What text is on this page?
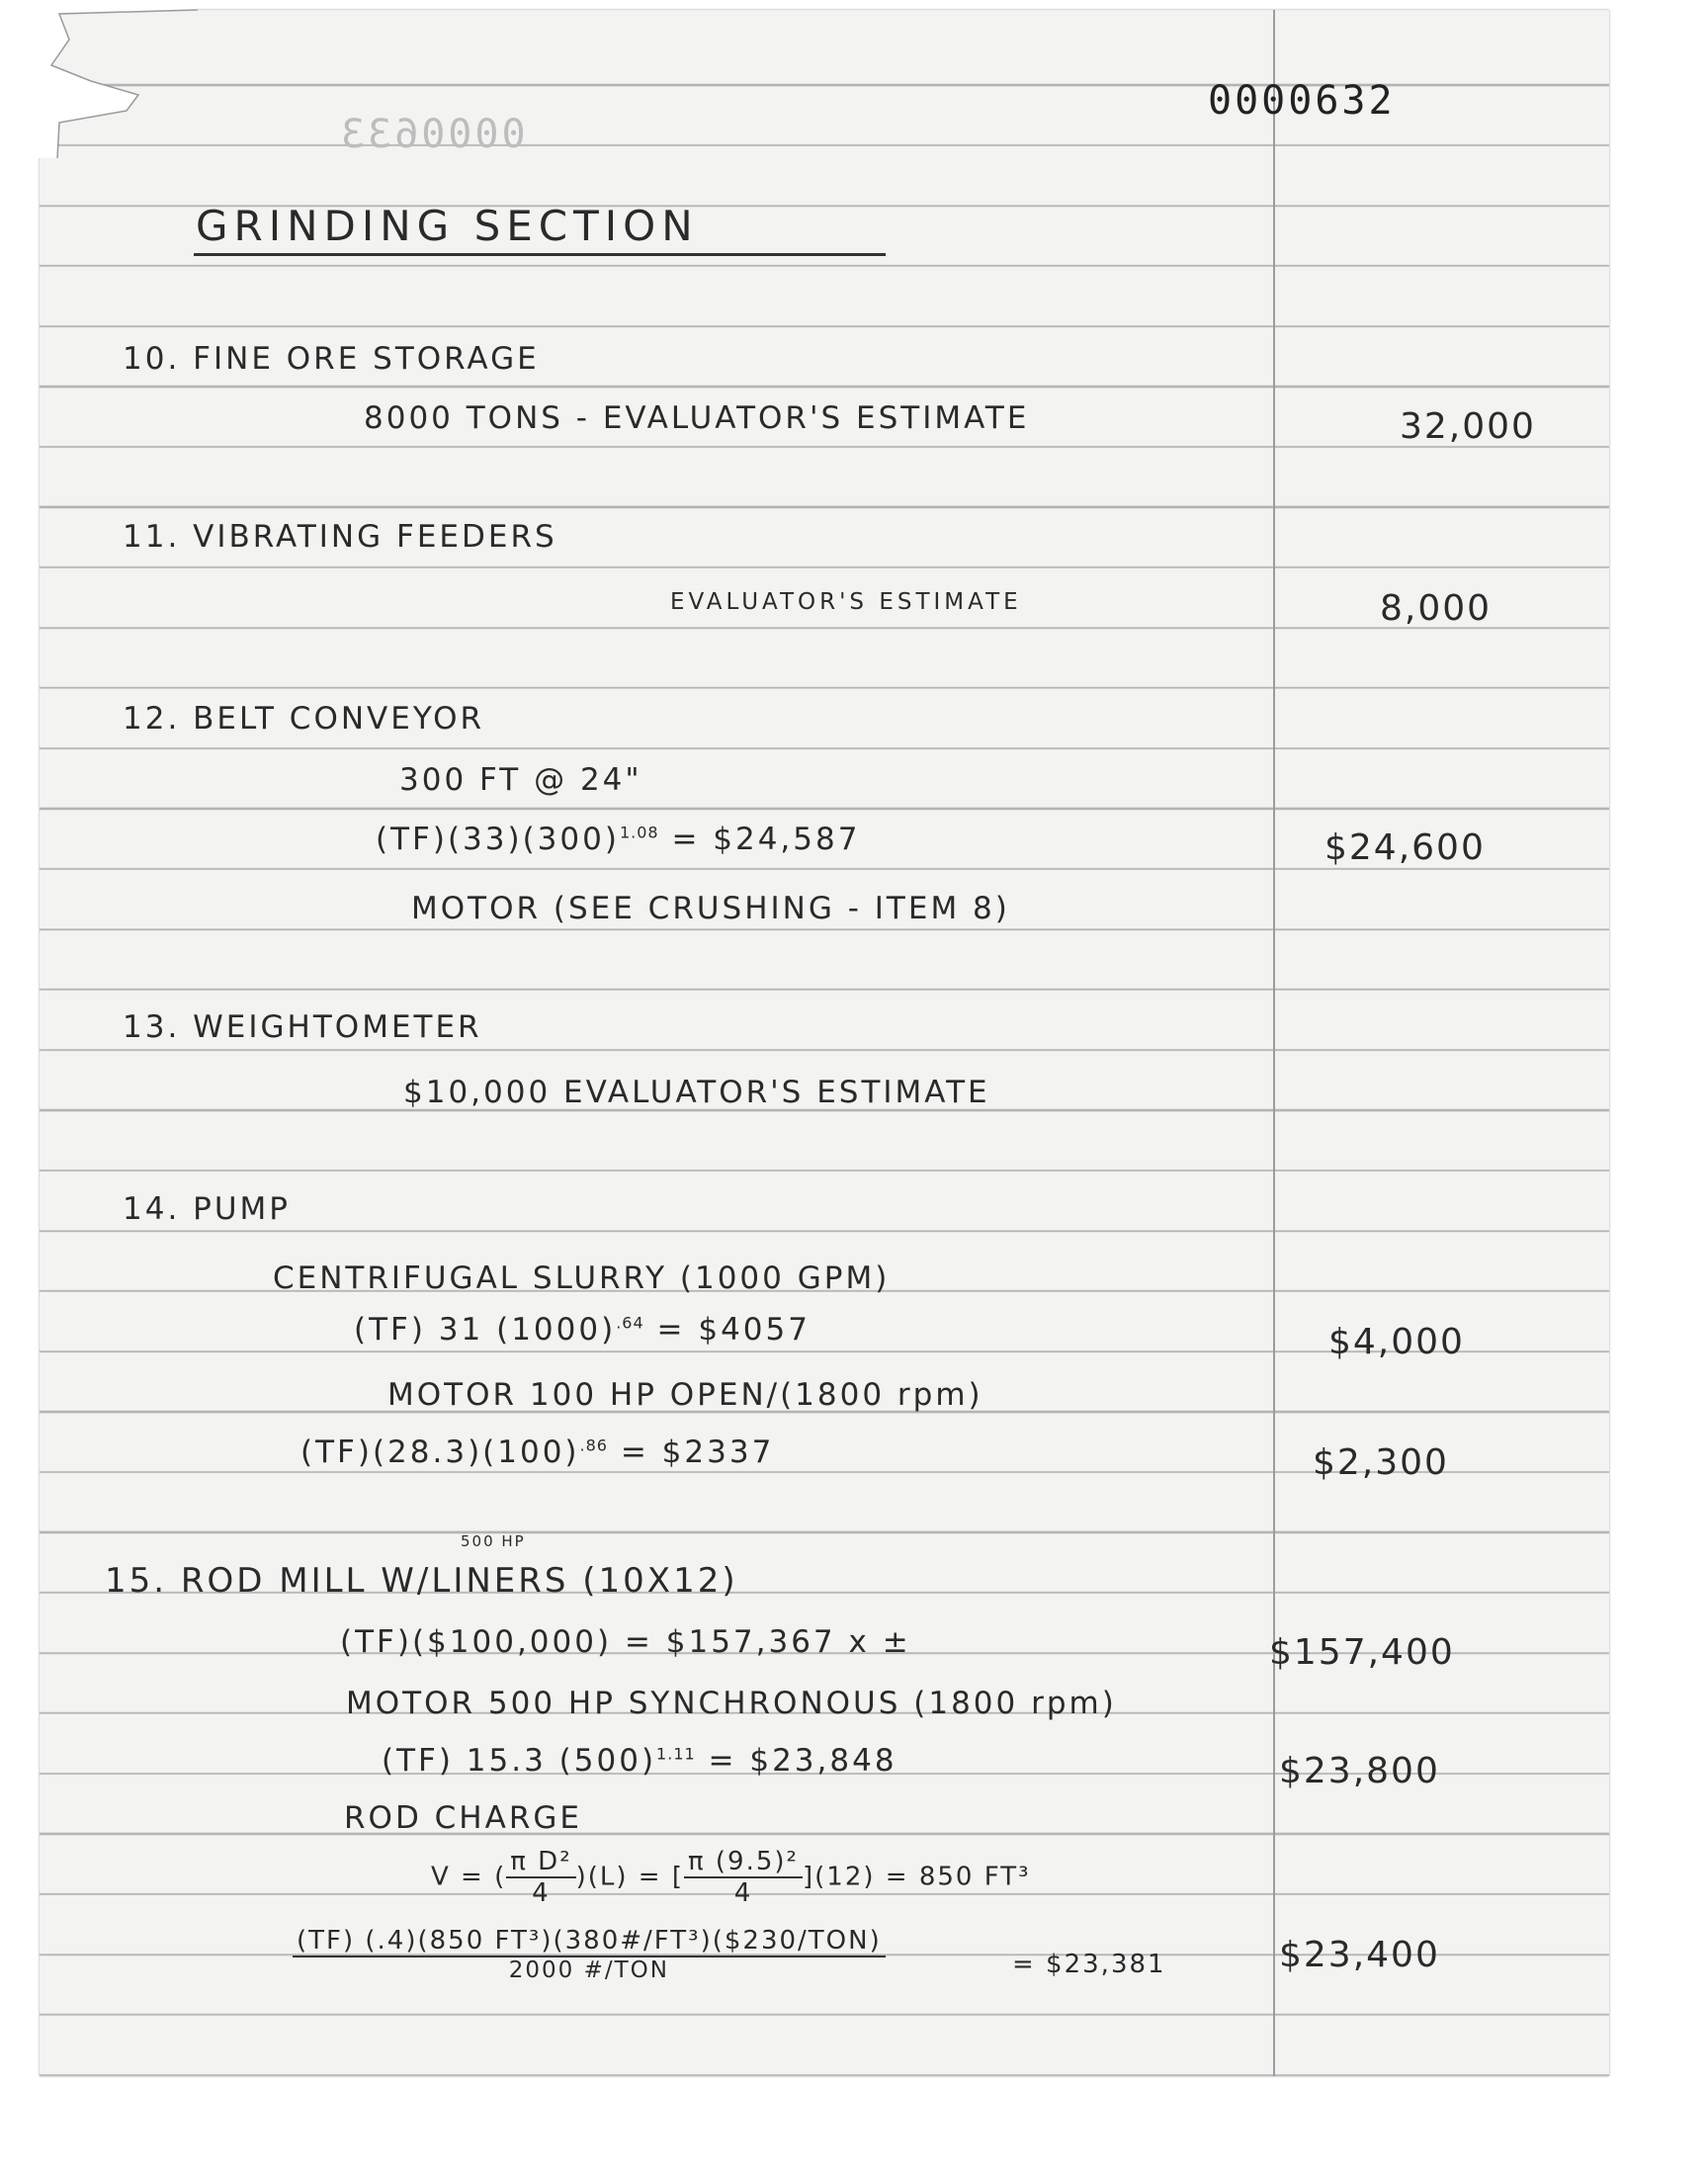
0000633
0000632
GRINDING SECTION
10. FINE ORE STORAGE
8000 TONS - EVALUATOR'S ESTIMATE	32,000
11. VIBRATING FEEDERS
EVALUATOR'S ESTIMATE	8,000
12. BELT CONVEYOR
300 FT @ 24"
$(TF)(33)(300)^{1.08}$ = $24,587	$24,600
MOTOR (SEE CRUSHING - ITEM 8)
13. WEIGHTOMETER
$10,000 EVALUATOR'S ESTIMATE
14. PUMP
CENTRIFUGAL SLURRY (1000 GPM)
(TF) 31 $(1000)^{.64}$ = $4057	$4,000
MOTOR 100 HP OPEN/(1800 rpm)
$(TF)(28.3)(100)^{.86}$ = $2337	$2,300
500 HP
15. ROD MILL W/LINERS (10X12)
(TF)($100,000) = $157,367 x ±	$157,400
MOTOR 500 HP SYNCHRONOUS (1800 rpm)
(TF) 15.3 $(500)^{1.11}$ = $23,848	$23,800
ROD CHARGE
V = ( $\frac{\text{π D²}}{4} )(L)$ = [ $\frac{\text{π (9.5)²}}{4} ](12) = 850$ FT³
(TF) (.4)(850 FT³)(380#/FT³)($230/TON)
2000 #/TON	= $23,381	$23,400
